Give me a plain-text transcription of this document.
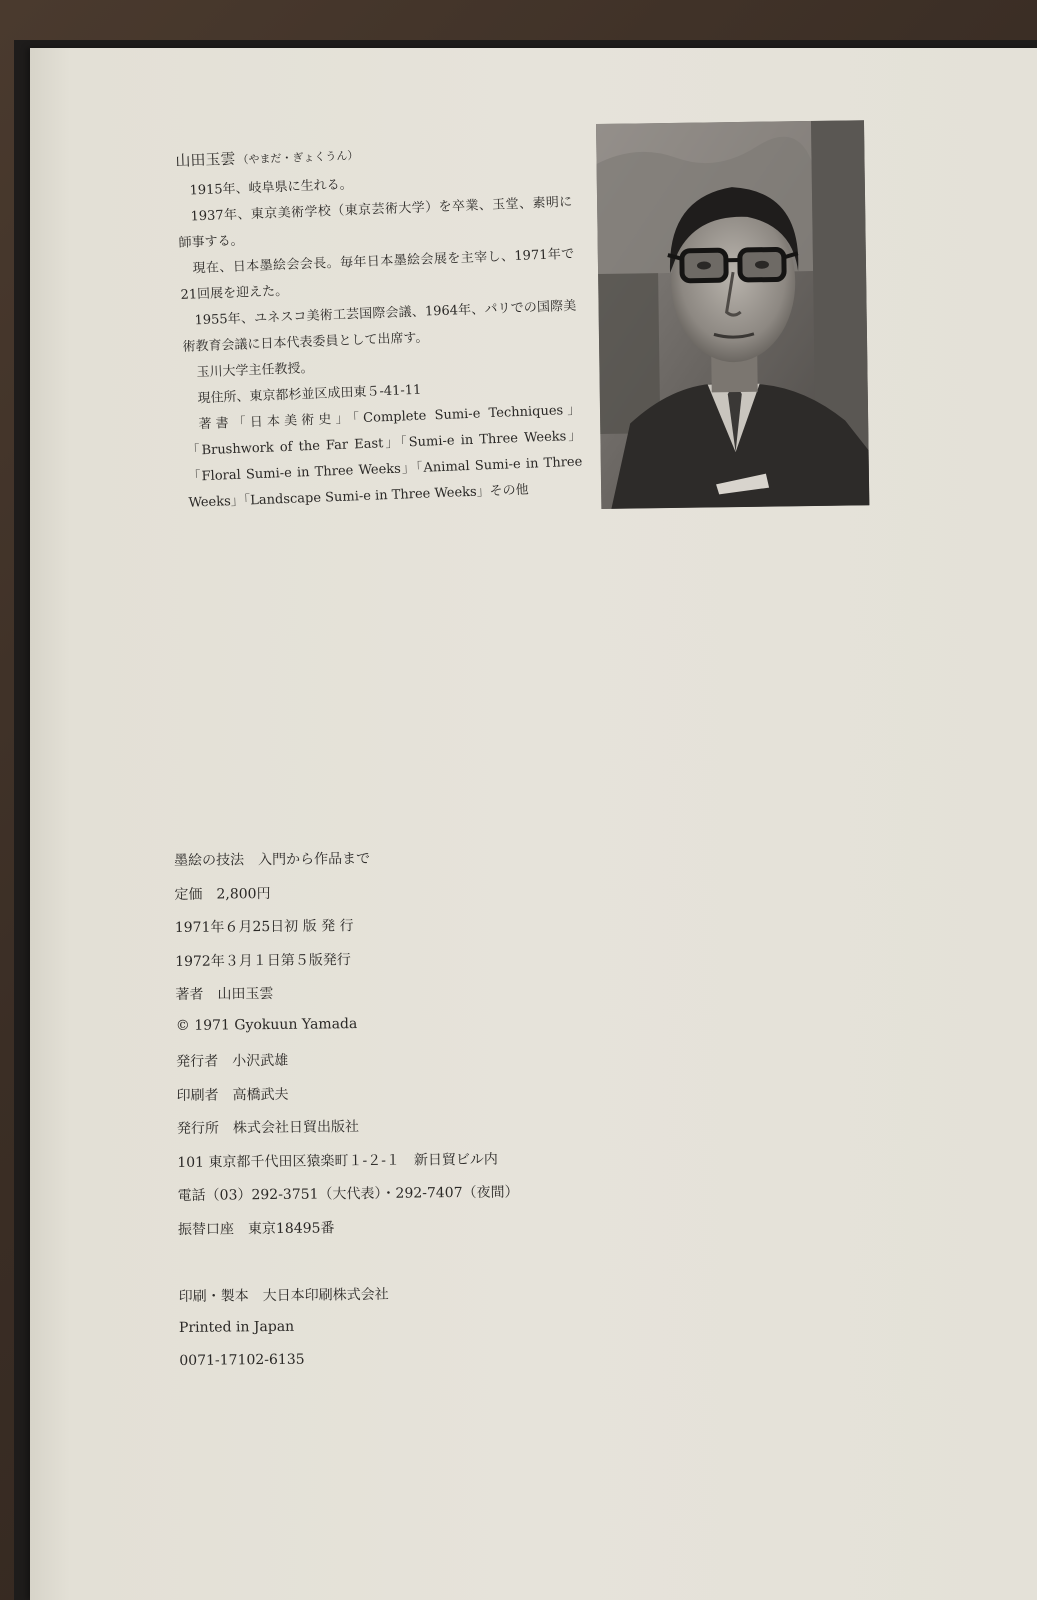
山田玉雲（やまだ・ぎょくうん）

1915年、岐阜県に生れる。

1937年、東京美術学校（東京芸術大学）を卒業、玉堂、素明に師事する。

現在、日本墨絵会会長。毎年日本墨絵会展を主宰し、1971年で21回展を迎えた。

1955年、ユネスコ美術工芸国際会議、1964年、パリでの国際美術教育会議に日本代表委員として出席す。

玉川大学主任教授。

現住所、東京都杉並区成田東５-41-11

著書「日本美術史」「Complete Sumi-e Techniques」「Brushwork of the Far East」「Sumi-e in Three Weeks」「Floral Sumi-e in Three Weeks」「Animal Sumi-e in Three Weeks」「Landscape Sumi-e in Three Weeks」その他

墨絵の技法　入門から作品まで
定価 2,800円
1971年６月25日初 版 発 行
1972年３月１日第５版発行
著者 山田玉雲
© 1971 Gyokuun Yamada
発行者 小沢武雄
印刷者 高橋武夫
発行所 株式会社日貿出版社
101 東京都千代田区猿楽町１-２-１　新日貿ビル内
電話（03）292-3751（大代表）・292-7407（夜間）
振替口座 東京18495番
印刷・製本 大日本印刷株式会社
Printed in Japan
0071-17102-6135
